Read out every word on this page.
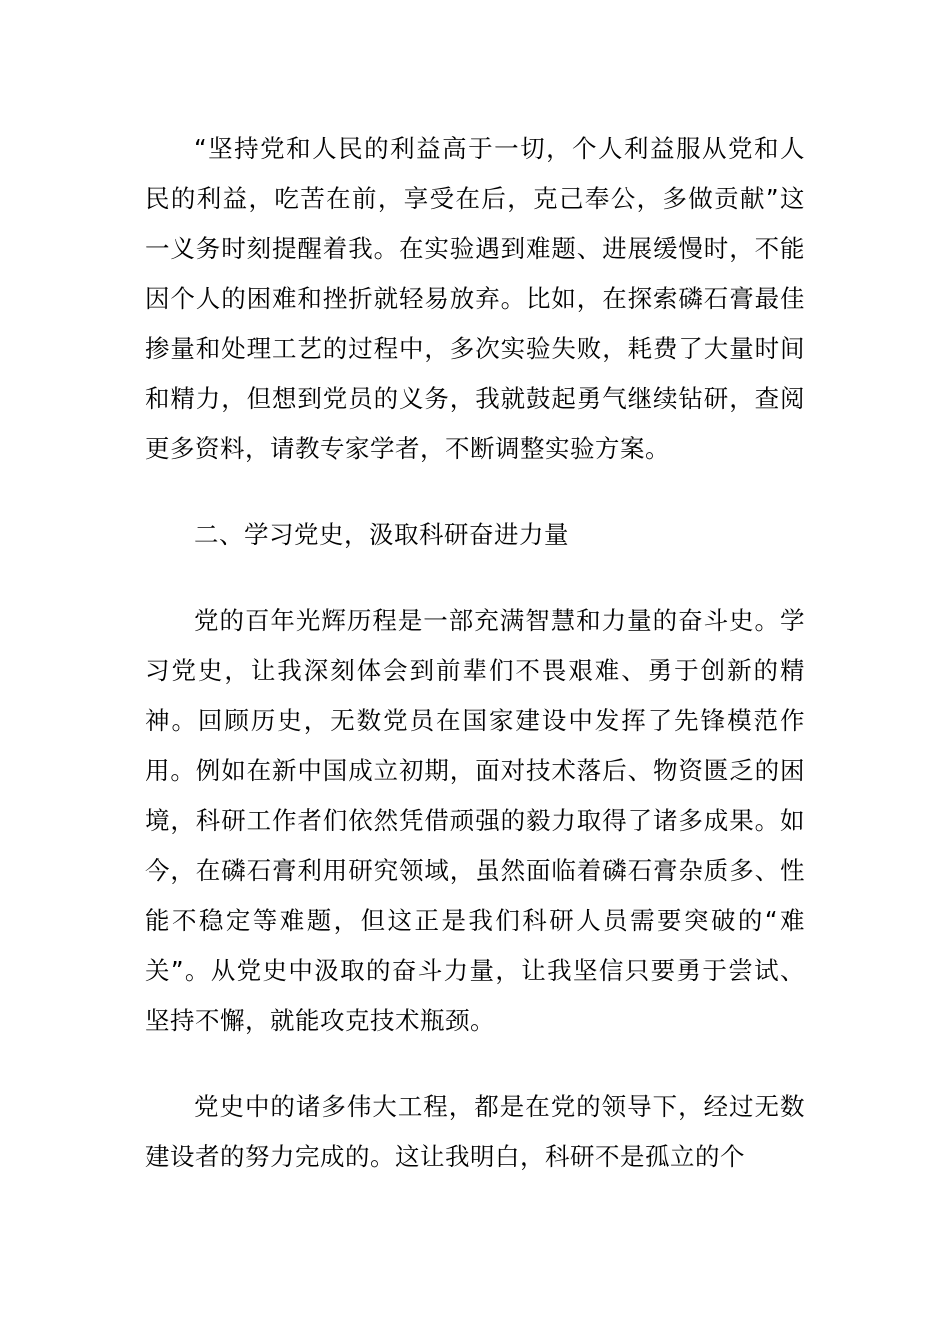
“坚持党和人民的利益高于一切，个人利益服从党和人民的利益，吃苦在前，享受在后，克己奉公，多做贡献”这一义务时刻提醒着我。在实验遇到难题、进展缓慢时，不能因个人的困难和挫折就轻易放弃。比如，在探索磷石膏最佳掺量和处理工艺的过程中，多次实验失败，耗费了大量时间和精力，但想到党员的义务，我就鼓起勇气继续钻研，查阅更多资料，请教专家学者，不断调整实验方案。

二、学习党史，汲取科研奋进力量

党的百年光辉历程是一部充满智慧和力量的奋斗史。学习党史，让我深刻体会到前辈们不畏艰难、勇于创新的精神。回顾历史，无数党员在国家建设中发挥了先锋模范作用。例如在新中国成立初期，面对技术落后、物资匮乏的困境，科研工作者们依然凭借顽强的毅力取得了诸多成果。如今，在磷石膏利用研究领域，虽然面临着磷石膏杂质多、性能不稳定等难题，但这正是我们科研人员需要突破的“难关”。从党史中汲取的奋斗力量，让我坚信只要勇于尝试、坚持不懈，就能攻克技术瓶颈。

党史中的诸多伟大工程，都是在党的领导下，经过无数建设者的努力完成的。这让我明白，科研不是孤立的个
